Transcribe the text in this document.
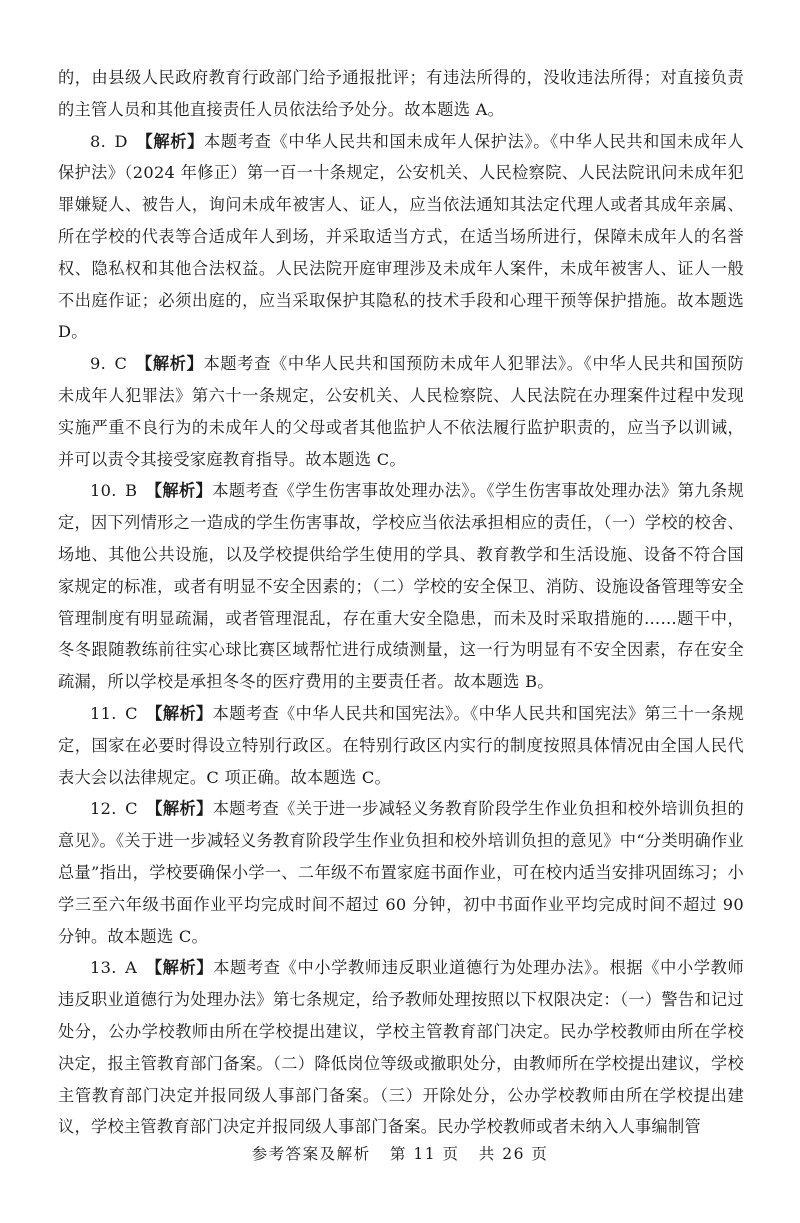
的，由县级人民政府教育行政部门给予通报批评；有违法所得的，没收违法所得；对直接负责的主管人员和其他直接责任人员依法给予处分。故本题选 A。

8.  D  【解析】本题考查《中华人民共和国未成年人保护法》。《中华人民共和国未成年人保护法》（2024 年修正）第一百一十条规定，公安机关、人民检察院、人民法院讯问未成年犯罪嫌疑人、被告人，询问未成年被害人、证人，应当依法通知其法定代理人或者其成年亲属、所在学校的代表等合适成年人到场，并采取适当方式，在适当场所进行，保障未成年人的名誉权、隐私权和其他合法权益。人民法院开庭审理涉及未成年人案件，未成年被害人、证人一般不出庭作证；必须出庭的，应当采取保护其隐私的技术手段和心理干预等保护措施。故本题选 D。

9.  C  【解析】本题考查《中华人民共和国预防未成年人犯罪法》。《中华人民共和国预防未成年人犯罪法》第六十一条规定，公安机关、人民检察院、人民法院在办理案件过程中发现实施严重不良行为的未成年人的父母或者其他监护人不依法履行监护职责的，应当予以训诫，并可以责令其接受家庭教育指导。故本题选 C。

10.  B  【解析】本题考查《学生伤害事故处理办法》。《学生伤害事故处理办法》第九条规定，因下列情形之一造成的学生伤害事故，学校应当依法承担相应的责任，（一）学校的校舍、场地、其他公共设施，以及学校提供给学生使用的学具、教育教学和生活设施、设备不符合国家规定的标准，或者有明显不安全因素的；（二）学校的安全保卫、消防、设施设备管理等安全管理制度有明显疏漏，或者管理混乱，存在重大安全隐患，而未及时采取措施的……题干中，冬冬跟随教练前往实心球比赛区域帮忙进行成绩测量，这一行为明显有不安全因素，存在安全疏漏，所以学校是承担冬冬的医疗费用的主要责任者。故本题选 B。

11.  C  【解析】本题考查《中华人民共和国宪法》。《中华人民共和国宪法》第三十一条规定，国家在必要时得设立特别行政区。在特别行政区内实行的制度按照具体情况由全国人民代表大会以法律规定。C 项正确。故本题选 C。

12.  C  【解析】本题考查《关于进一步减轻义务教育阶段学生作业负担和校外培训负担的意见》。《关于进一步减轻义务教育阶段学生作业负担和校外培训负担的意见》中“分类明确作业总量”指出，学校要确保小学一、二年级不布置家庭书面作业，可在校内适当安排巩固练习；小学三至六年级书面作业平均完成时间不超过 60 分钟，初中书面作业平均完成时间不超过 90 分钟。故本题选 C。

13.  A  【解析】本题考查《中小学教师违反职业道德行为处理办法》。根据《中小学教师违反职业道德行为处理办法》第七条规定，给予教师处理按照以下权限决定：（一）警告和记过处分，公办学校教师由所在学校提出建议，学校主管教育部门决定。民办学校教师由所在学校决定，报主管教育部门备案。（二）降低岗位等级或撤职处分，由教师所在学校提出建议，学校主管教育部门决定并报同级人事部门备案。（三）开除处分，公办学校教师由所在学校提出建议，学校主管教育部门决定并报同级人事部门备案。民办学校教师或者未纳入人事编制管

参考答案及解析 第 11 页 共 26 页
